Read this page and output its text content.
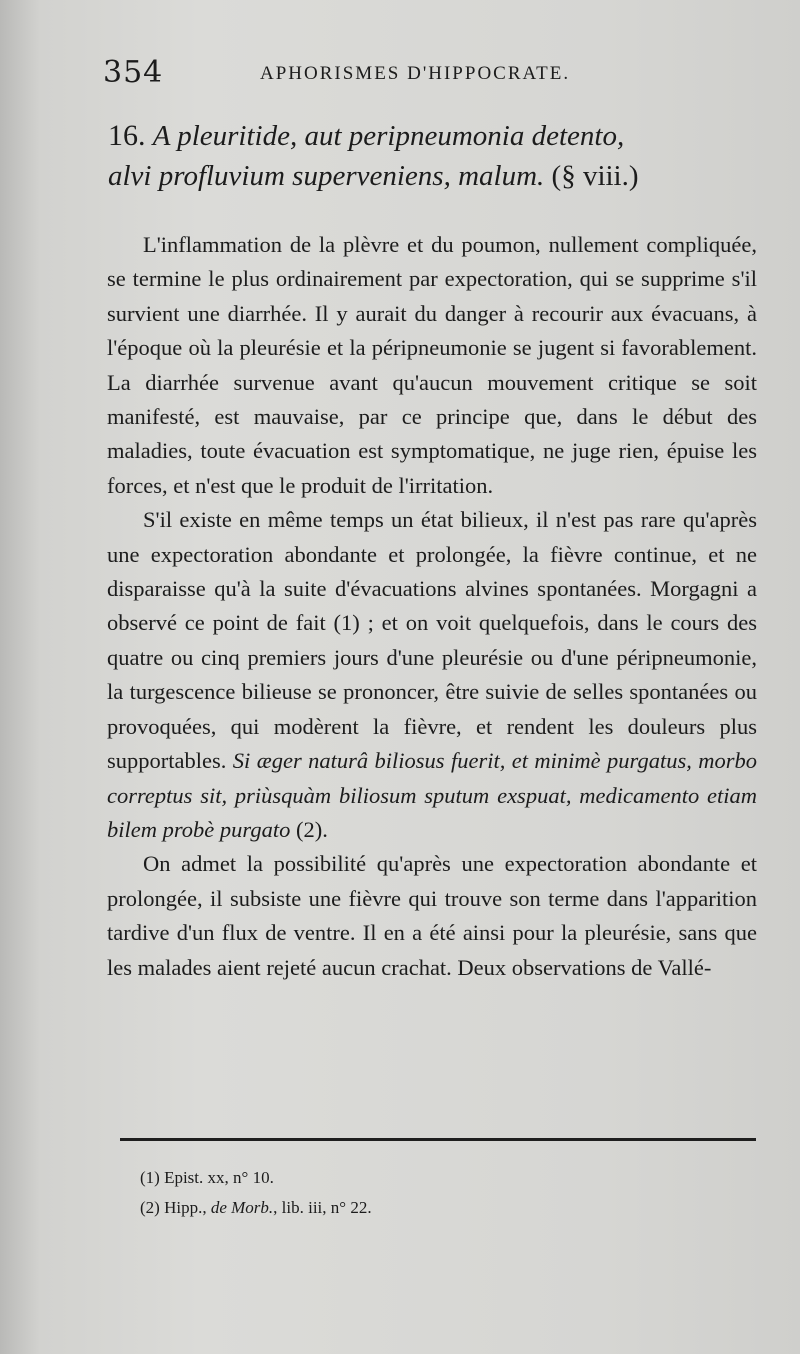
354	APHORISMES D'HIPPOCRATE.
16. A pleuritide, aut peripneumonia detento,
alvi profluvium superveniens, malum. (§ viii.)

L'inflammation de la plèvre et du poumon, nullement compliquée, se termine le plus ordinairement par expectoration, qui se supprime s'il survient une diarrhée. Il y aurait du danger à recourir aux évacuans, à l'époque où la pleurésie et la péripneumonie se jugent si favorablement. La diarrhée survenue avant qu'aucun mouvement critique se soit manifesté, est mauvaise, par ce principe que, dans le début des maladies, toute évacuation est symptomatique, ne juge rien, épuise les forces, et n'est que le produit de l'irritation.

S'il existe en même temps un état bilieux, il n'est pas rare qu'après une expectoration abondante et prolongée, la fièvre continue, et ne disparaisse qu'à la suite d'évacuations alvines spontanées. Morgagni a observé ce point de fait (1) ; et on voit quelquefois, dans le cours des quatre ou cinq premiers jours d'une pleurésie ou d'une péripneumonie, la turgescence bilieuse se prononcer, être suivie de selles spontanées ou provoquées, qui modèrent la fièvre, et rendent les douleurs plus supportables. Si æger naturâ biliosus fuerit, et minimè purgatus, morbo correptus sit, priùsquàm biliosum sputum exspuat, medicamento etiam bilem probè purgato (2).

On admet la possibilité qu'après une expectoration abondante et prolongée, il subsiste une fièvre qui trouve son terme dans l'apparition tardive d'un flux de ventre. Il en a été ainsi pour la pleurésie, sans que les malades aient rejeté aucun crachat. Deux observations de Vallé-

(1) Epist. xx, n° 10.
(2) Hipp., de Morb., lib. iii, n° 22.
